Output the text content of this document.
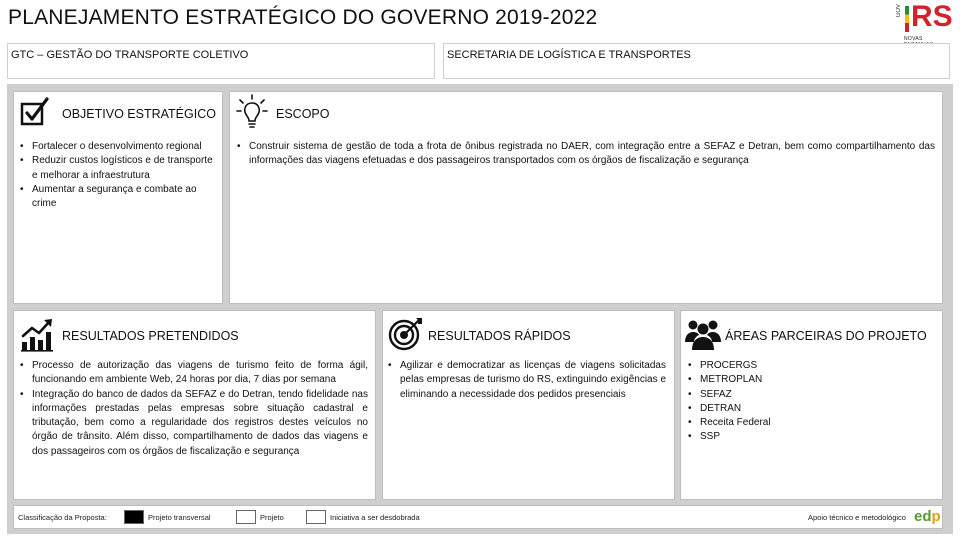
PLANEJAMENTO ESTRATÉGICO DO GOVERNO 2019-2022	GOV RS
NOVAS
GTC – GESTÃO DO TRANSPORTE COLETIVO	SECRETARIA DE LOGÍSTICA E TRANSPORTES
OBJETIVO ESTRATÉGICO
• Fortalecer o desenvolvimento regional
• Reduzir custos logísticos e de transporte e melhorar a infraestrutura
• Aumentar a segurança e combate ao crime
ESCOPO
• Construir sistema de gestão de toda a frota de ônibus registrada no DAER, com integração entre a SEFAZ e Detran, bem como compartilhamento das informações das viagens efetuadas e dos passageiros transportados com os órgãos de fiscalização e segurança
RESULTADOS PRETENDIDOS
• Processo de autorização das viagens de turismo feito de forma ágil, funcionando em ambiente Web, 24 horas por dia, 7 dias por semana
• Integração do banco de dados da SEFAZ e do Detran, tendo fidelidade nas informações prestadas pelas empresas sobre situação cadastral e tributação, bem como a regularidade dos registros destes veículos no órgão de trânsito. Além disso, compartilhamento de dados das viagens e dos passageiros com os órgãos de fiscalização e segurança
RESULTADOS RÁPIDOS
• Agilizar e democratizar as licenças de viagens solicitadas pelas empresas de turismo do RS, extinguindo exigências e eliminando a necessidade dos pedidos presenciais
ÁREAS PARCEIRAS DO PROJETO
• PROCERGS
• METROPLAN
• SEFAZ
• DETRAN
• Receita Federal
• SSP
Classificação da Proposta:	Projeto transversal	Projeto	Iniciativa a ser desdobrada	Apoio técnico e metodológico edp
